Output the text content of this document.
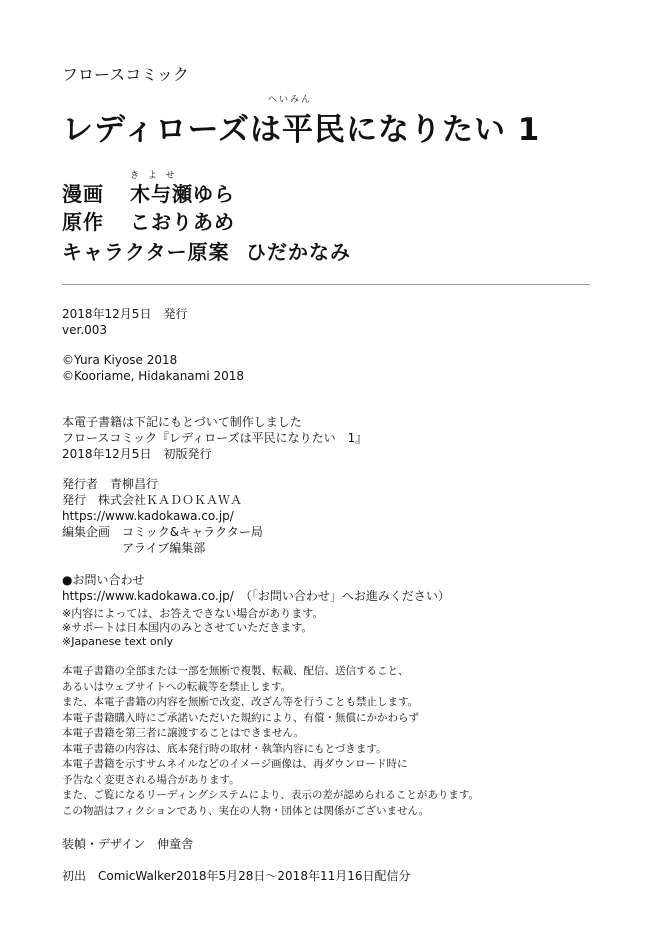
フロースコミック
へいみん
レディローズは平民になりたい 1
き よ せ
漫画 木与瀬ゆら
原作 こおりあめ
キャラクター原案 ひだかなみ
2018年12月5日　発行
ver.003
©Yura Kiyose 2018
©Kooriame, Hidakanami 2018
本電子書籍は下記にもとづいて制作しました
フロースコミック『レディローズは平民になりたい　1』
2018年12月5日　初版発行
発行者　青柳昌行
発行　株式会社ＫＡＤＯＫＡＷＡ
https://www.kadokawa.co.jp/
編集企画　コミック&キャラクター局
アライブ編集部
●お問い合わせ
https://www.kadokawa.co.jp/　（「お問い合わせ」へお進みください）
※内容によっては、お答えできない場合があります。
※サポートは日本国内のみとさせていただきます。
※Japanese text only
本電子書籍の全部または一部を無断で複製、転載、配信、送信すること、
あるいはウェブサイトへの転載等を禁止します。
また、本電子書籍の内容を無断で改変、改ざん等を行うことも禁止します。
本電子書籍購入時にご承諾いただいた規約により、有償・無償にかかわらず
本電子書籍を第三者に譲渡することはできません。
本電子書籍の内容は、底本発行時の取材・執筆内容にもとづきます。
本電子書籍を示すサムネイルなどのイメージ画像は、再ダウンロード時に
予告なく変更される場合があります。
また、ご覧になるリーディングシステムにより、表示の差が認められることがあります。
この物語はフィクションであり、実在の人物・団体とは関係がございません。
装幀・デザイン　伸童舎
初出　ComicWalker2018年5月28日～2018年11月16日配信分
